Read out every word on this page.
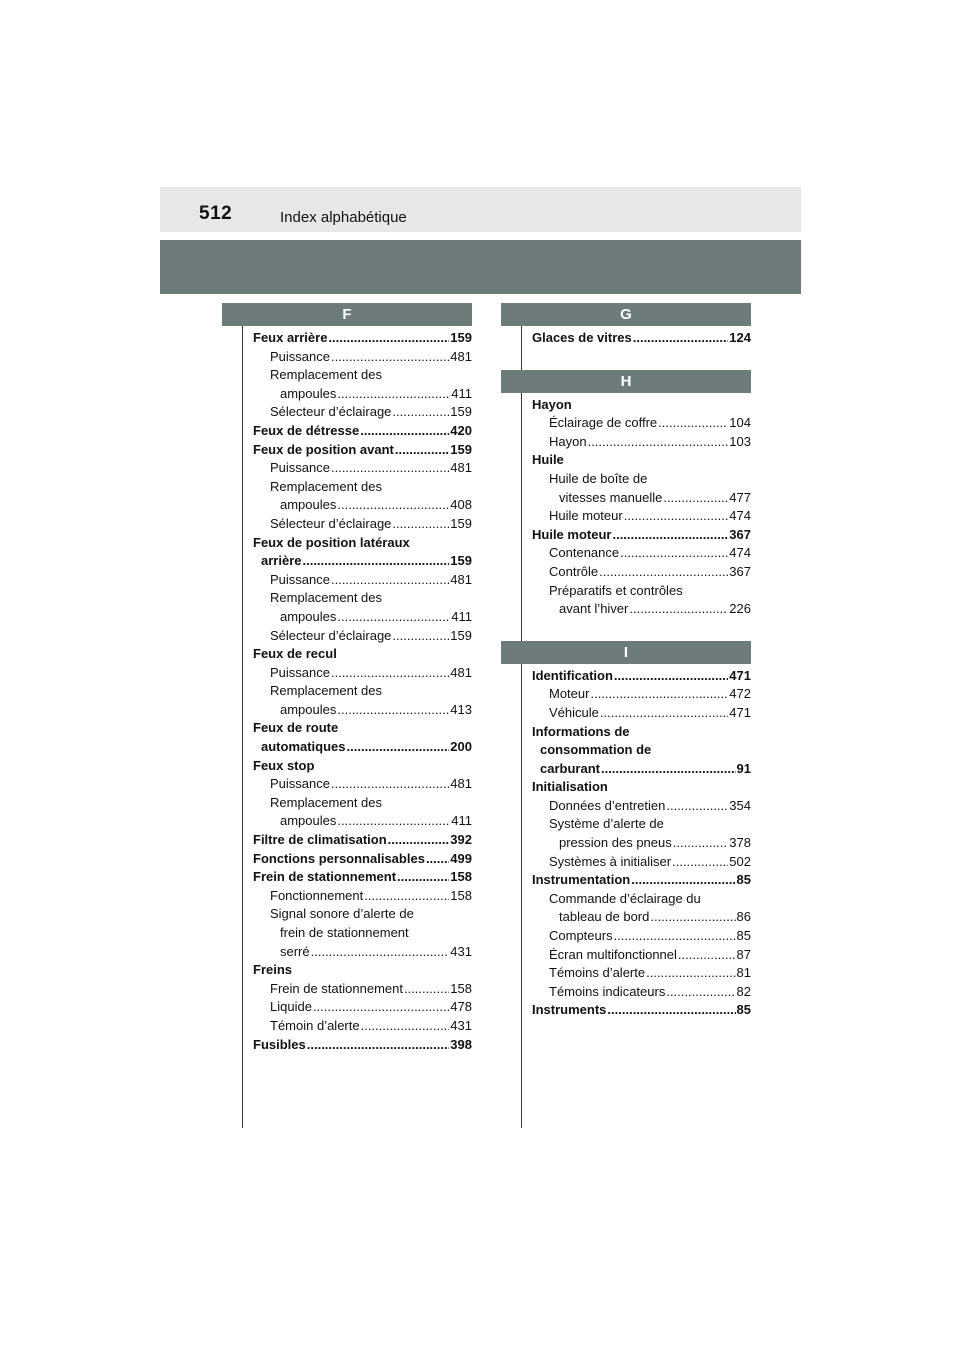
512	Index alphabétique
F
Feux arrière .....	159
Puissance .....	481
Remplacement des
ampoules .....	411
Sélecteur d’éclairage .....	159
Feux de détresse .....	420
Feux de position avant .....	159
Puissance .....	481
Remplacement des
ampoules .....	408
Sélecteur d’éclairage .....	159
Feux de position latéraux
arrière .....	159
Puissance .....	481
Remplacement des
ampoules .....	411
Sélecteur d’éclairage .....	159
Feux de recul
Puissance .....	481
Remplacement des
ampoules .....	413
Feux de route
automatiques .....	200
Feux stop
Puissance .....	481
Remplacement des
ampoules .....	411
Filtre de climatisation .....	392
Fonctions personnalisables ..... 499
Frein de stationnement .....	158
Fonctionnement .....	158
Signal sonore d’alerte de
frein de stationnement
serré .....	431
Freins
Frein de stationnement .....	158
Liquide .....	478
Témoin d’alerte .....	431
Fusibles .....	398
G
Glaces de vitres .....	124
H
Hayon
Éclairage de coffre .....	104
Hayon .....	103
Huile
Huile de boîte de
vitesses manuelle .....	477
Huile moteur .....	474
Huile moteur .....	367
Contenance .....	474
Contrôle .....	367
Préparatifs et contrôles
avant l’hiver .....	226
I
Identification .....	471
Moteur .....	472
Véhicule .....	471
Informations de
consommation de
carburant .....	91
Initialisation
Données d’entretien .....	354
Système d’alerte de
pression des pneus .....	378
Systèmes à initialiser .....	502
Instrumentation .....	85
Commande d’éclairage du
tableau de bord .....	86
Compteurs .....	85
Écran multifonctionnel .....	87
Témoins d’alerte .....	81
Témoins indicateurs .....	82
Instruments .....	85
